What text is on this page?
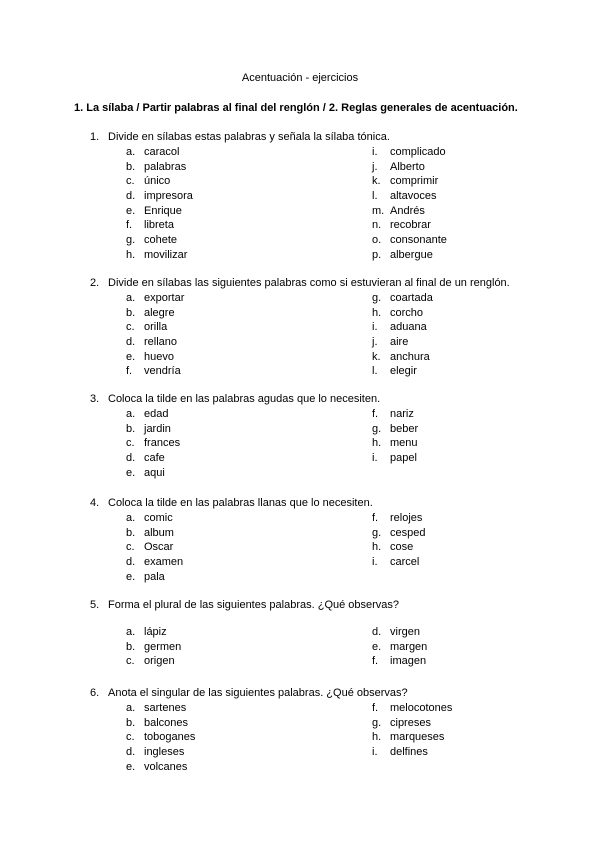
Acentuación - ejercicios
1. La sílaba / Partir palabras al final del renglón / 2. Reglas generales de acentuación.
1. Divide en sílabas estas palabras y señala la sílaba tónica.
a. caracol
b. palabras
c. único
d. impresora
e. Enrique
f.	libreta
g. cohete
h. movilizar
i.	complicado
j.	Alberto
k. comprimir
l.	altavoces
m. Andrés
n. recobrar
o. consonante
p. albergue
2. Divide en sílabas las siguientes palabras como si estuvieran al final de un renglón.
a. exportar
b. alegre
c. orilla
d. rellano
e. huevo
f.	vendría
g. coartada
h. corcho
i.	aduana
j.	aire
k. anchura
l.	elegir
3. Coloca la tilde en las palabras agudas que lo necesiten.
a. edad
b. jardin
c. frances
d. cafe
e. aqui
f.	nariz
g. beber
h. menu
i.	papel
4. Coloca la tilde en las palabras llanas que lo necesiten.
a. comic
b. album
c. Oscar
d. examen
e. pala
f.	relojes
g. cesped
h. cose
i.	carcel
5. Forma el plural de las siguientes palabras. ¿Qué observas?
a. lápiz
b. germen
c. origen
d. virgen
e. margen
f.	imagen
6. Anota el singular de las siguientes palabras. ¿Qué observas?
a. sartenes
b. balcones
c. toboganes
d. ingleses
e. volcanes
f.	melocotones
g. cipreses
h. marqueses
i.	delfines
